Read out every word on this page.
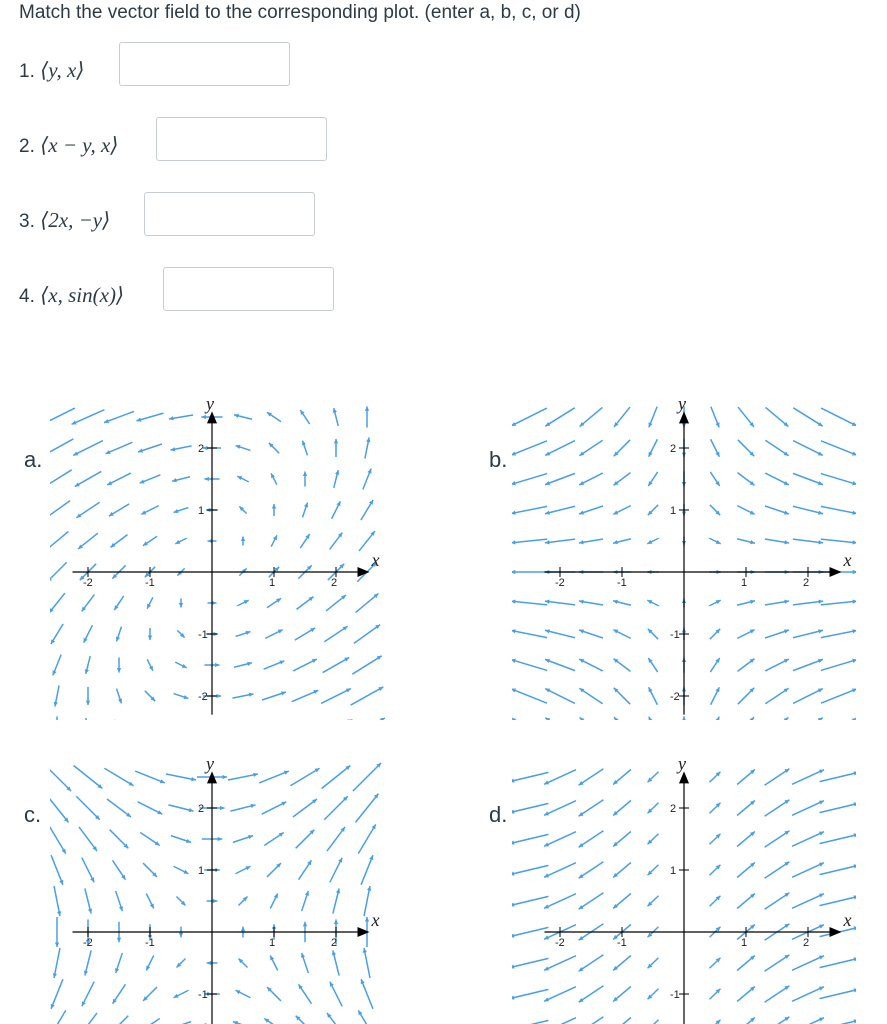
Match the vector field to the corresponding plot. (enter a, b, c, or d)
1. ⟨y, x⟩
2. ⟨x − y, x⟩
3. ⟨2x, −y⟩
4. ⟨x, sin(x)⟩
a.	b.
c.	d.
x
y
-2	-1	1	2
2
1
-1
-2
x
y
-2	-1	1	2
2
1
-1
-2
x
y
-2	-1	1	2
2
1
-1
x
y
-2	-1	1	2
2
1
-1
